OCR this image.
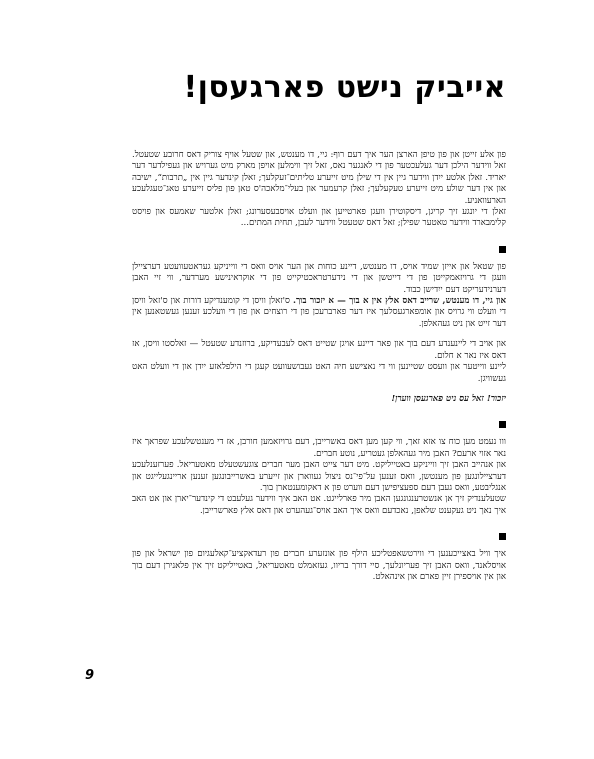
אייביק נישט פארגעסן!

פון אלע זייטן און פון טיפן הארצן הער איך דעם רוף: גיי, דו מענטש, און שטעל אויף צוריק דאס חרובע שטעטל. זאל ווידער הילכן דער געלעכטער פון די לאנגער נאס, זאל זיך ווימלען אויפן מארק מיט גערויש און געפילדער דער יאריד. זאלן אלטע ייִדן ווידער גיין אין די שילן מיט זייערע טליתים־זעקלעך; זאלן קינדער גיין אין „תרבות“, ישיבה און אין דער שולע מיט זייערע טעקעלעך; זאלן קרעמער און בעלי־מלאכה'ס טאן פון פליס זייערע טאג־טעגלעכע הארעוואניע.

זאלן די יונגע זיך קריגן, דיסקוטירן וועגן פארטייען און וועלט אויסבעסערונג; זאלן אלטער שאמעס און פויסט קלימבארד ווידער טאטער שפילן; זאל דאס שטעטל ווידער לעבן, תחית המתים...

פון שטאל און אייזן שמיד אויס, דו מענטש, דיינע כוחות און הער אויס וואס די ווייניקע געראטעוועטע דערציילן וועגן די גרויזאמקייטן פון די דייטשן און די נידערטראכטיקייט פון די אוקראינישע מערדער, ווי זיי האבן דערנידעריקט דעם ייִדישן כבוד.

און גיי, דו מענטש, שרייב דאס אלץ אין א בוך — א יזכור בוך. ס'זאלן וויסן די קומענדיקע דורות און ס'זאל וויסן די וועלט ווי גרויס און אומפארגעסלעך איז דער פארברעכן פון די רוצחים און פון די וועלכע זענען געשטאנען אין דער זייט און ניט געהאלפן.

און אויב די ליינענדע דעם בוך און פאר דיינע אויגן שטייט דאס לעבעדיקע, ברוזנדע שטעטל — זאלסטו וויסן, אז דאס איז נאר א חלום.

ליינע ווייטער און וועסט שטיינען ווי די נאצישע חיה האט געבושעוועט קעגן די הילפלאזע ייִדן און די וועלט האט געשוויגן.

יזכור! זאל עס ניט פארגעסן ווערן!

ווו נעמט מען כוח צו אזא זאך, ווי קען מען דאס באשרייבן, דעם גרויזאמען חורבן, אז די מענטשלעכע שפראך איז נאר אזוי ארעם? האבן מיר געהאלפן געטריע, נוטע חברים.

און אנהייב האבן זיך ווייניקע באטייליקט. מיט דער צייט האבן מער חברים צוגעשטעלט מאטעריאל. פערזענלעכע דערציילונגען פון מענטשן, וואס זענען על־פי־נס ניצול געווארן און זייערע באשרייבונגען זענען אריינגעלייגט און אנגליבטע, וואס געבן דעם ספעציפישן דעם ווערט פון א דאקומענטארן בוך.

שטעלענדיק זיך אן אנשטרענגונגען האבן מיר פארלייגט. אט האב איך ווידער געלעבט די קינדער־יארן און אט האב איך נאך ניט געקענט שלאפן, נאכדעם וואס איך האב אויס־געהערט און דאס אלץ פארשרייבן.

איך וויל באצייכענען די ווירטשאפטליכע הילף פון אונזערע חברים פון רעדאקציע־קאלעגיום פון ישראל און פון אויסלאנד, וואס האבן זיך פעריונלעך, סיי דורך בריוו, געזאמלט מאטעריאל, באטייליקט זיך אין פלאנירן דעם בוך און אין אויספירן זיין פארם און אינהאלט.

9
